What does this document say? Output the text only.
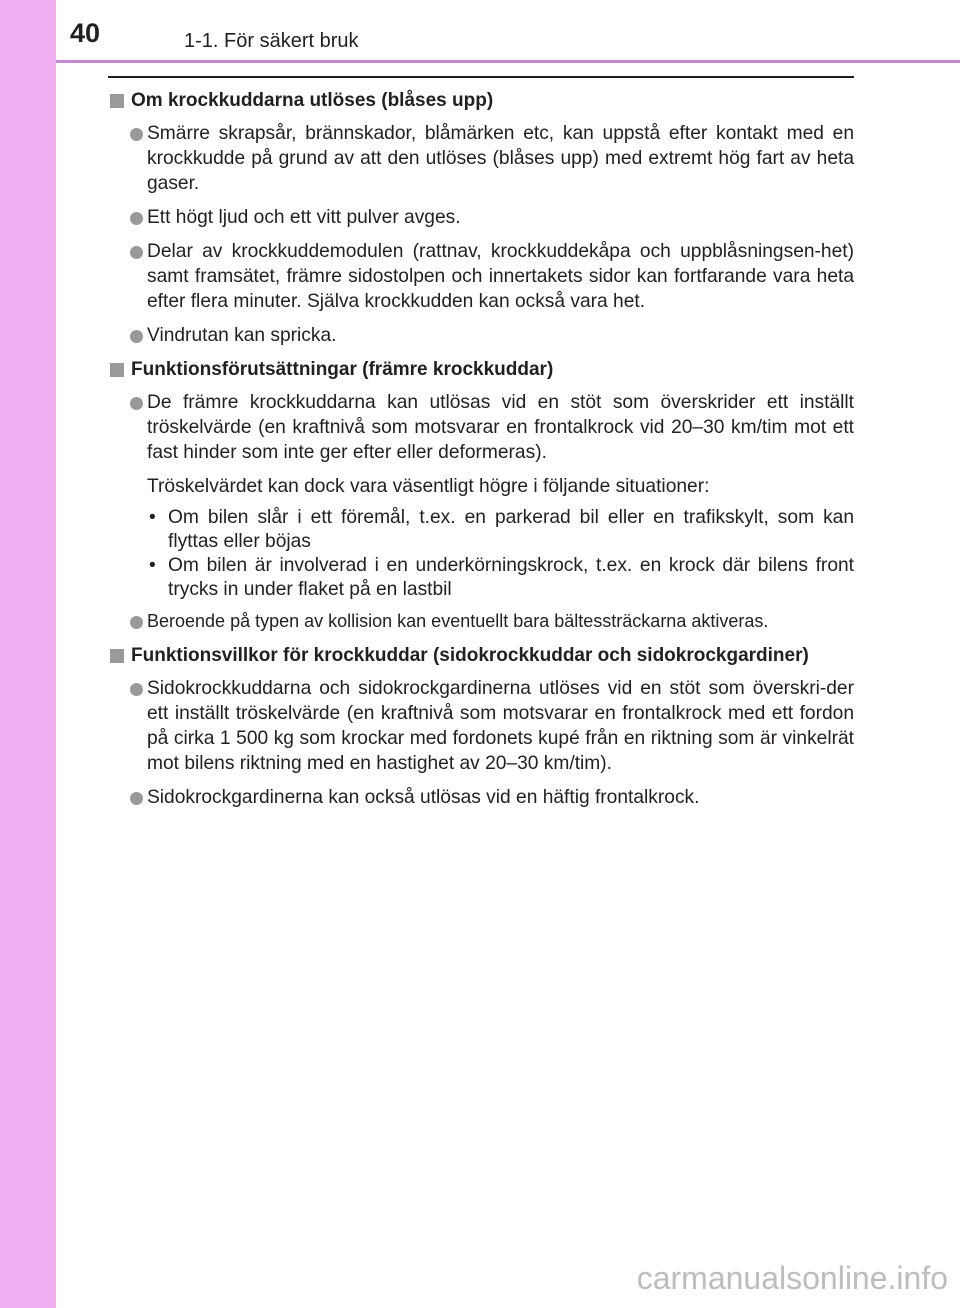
40	1-1. För säkert bruk
Om krockkuddarna utlöses (blåses upp)
Smärre skrapsår, brännskador, blåmärken etc, kan uppstå efter kontakt med en krockkudde på grund av att den utlöses (blåses upp) med extremt hög fart av heta gaser.
Ett högt ljud och ett vitt pulver avges.
Delar av krockkuddemodulen (rattnav, krockkuddekåpa och uppblåsningsen-het) samt framsätet, främre sidostolpen och innertakets sidor kan fortfarande vara heta efter flera minuter. Själva krockkudden kan också vara het.
Vindrutan kan spricka.
Funktionsförutsättningar (främre krockkuddar)
De främre krockkuddarna kan utlösas vid en stöt som överskrider ett inställt tröskelvärde (en kraftnivå som motsvarar en frontalkrock vid 20–30 km/tim mot ett fast hinder som inte ger efter eller deformeras).
Tröskelvärdet kan dock vara väsentligt högre i följande situationer:
• Om bilen slår i ett föremål, t.ex. en parkerad bil eller en trafikskylt, som kan flyttas eller böjas
• Om bilen är involverad i en underkörningskrock, t.ex. en krock där bilens front trycks in under flaket på en lastbil
Beroende på typen av kollision kan eventuellt bara bältessträckarna aktiveras.
Funktionsvillkor för krockkuddar (sidokrockkuddar och sidokrockgardiner)
Sidokrockkuddarna och sidokrockgardinerna utlöses vid en stöt som överskri-der ett inställt tröskelvärde (en kraftnivå som motsvarar en frontalkrock med ett fordon på cirka 1 500 kg som krockar med fordonets kupé från en riktning som är vinkelrät mot bilens riktning med en hastighet av 20–30 km/tim).
Sidokrockgardinerna kan också utlösas vid en häftig frontalkrock.
carmanualsonline.info
